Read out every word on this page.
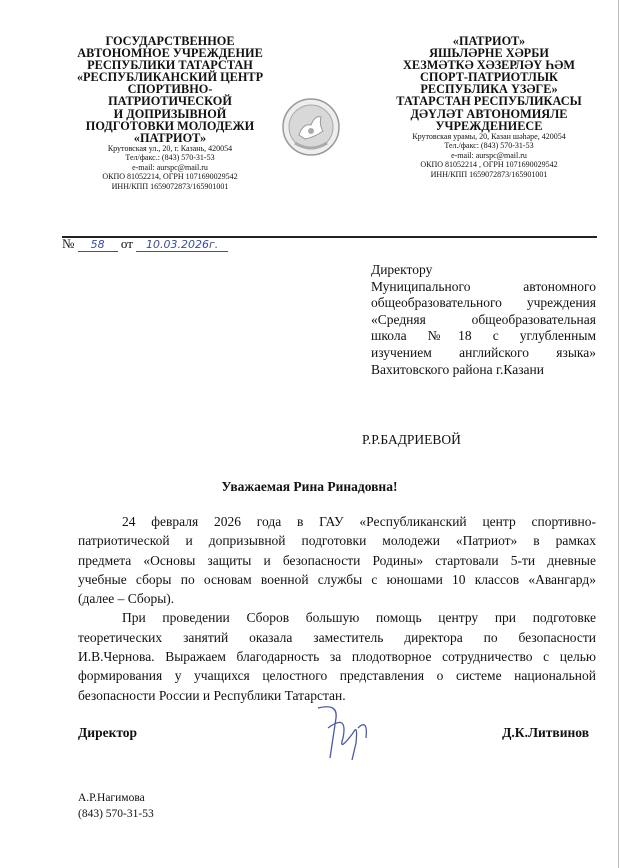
ГОСУДАРСТВЕННОЕ
АВТОНОМНОЕ УЧРЕЖДЕНИЕ
РЕСПУБЛИКИ ТАТАРСТАН
«РЕСПУБЛИКАНСКИЙ ЦЕНТР
СПОРТИВНО-
ПАТРИОТИЧЕСКОЙ
И ДОПРИЗЫВНОЙ
ПОДГОТОВКИ МОЛОДЕЖИ
«ПАТРИОТ»
Крутовская ул., 20, г. Казань, 420054
Тел/факс.: (843) 570-31-53
e-mail: aurspc@mail.ru
ОКПО 81052214, ОГРН 1071690029542
ИНН/КПП 1659072873/165901001
«ПАТРИОТ»
ЯШЬЛӘРНЕ ХӘРБИ
ХЕЗМӘТКӘ ХӘЗЕРЛӘҮ ҺӘМ
СПОРТ-ПАТРИОТЛЫК
РЕСПУБЛИКА ҮЗӘГЕ»
ТАТАРСТАН РЕСПУБЛИКАСЫ
ДӘҮЛӘТ АВТОНОМИЯЛЕ
УЧРЕЖДЕНИЕСЕ
Крутовская урамы, 20, Казан шәһәре, 420054
Тел./факс: (843) 570-31-53
e-mail: aurspc@mail.ru
ОКПО 81052214 , ОГРН 1071690029542
ИНН/КПП 1659072873/165901001
№ 58 от 10.03.2026г.
Директору
Муниципального автономного
общеобразовательного учреждения
«Средняя общеобразовательная
школа №18 с углубленным
изучением английского языка»
Вахитовского района г.Казани
Р.Р.БАДРИЕВОЙ
Уважаемая Рина Ринадовна!
24 февраля 2026 года в ГАУ «Республиканский центр спортивно-
патриотической и допризывной подготовки молодежи «Патриот» в рамках
предмета «Основы защиты и безопасности Родины» стартовали 5-ти дневные
учебные сборы по основам военной службы с юношами 10 классов «Авангард»
(далее – Сборы).
При проведении Сборов большую помощь центру при подготовке
теоретических занятий оказала заместитель директора по безопасности
И.В.Чернова. Выражаем благодарность за плодотворное сотрудничество с целью
формирования у учащихся целостного представления о системе национальной
безопасности России и Республики Татарстан.
Директор	Д.К.Литвинов
А.Р.Нагимова
(843) 570-31-53
